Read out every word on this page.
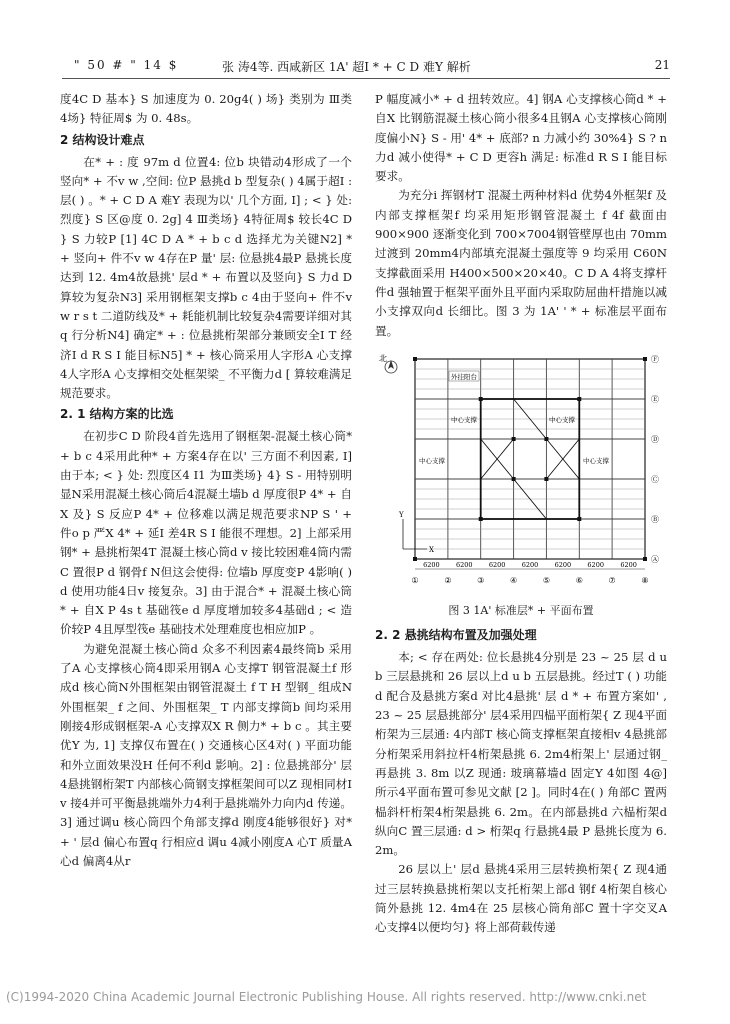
" 50 # " 14 $	张 涛4等. 西咸新区 1A' 超I * + C D 难Y 解析	21

度4C D 基本} S 加速度为 0. 20g4( ) 场} 类别为 Ⅲ类4场} 特征周$ 为 0. 48s。

2 结构设计难点

在* + : 度 97m d 位置4: 位b 块错动4形成了一个竖向* + 不v w ,空间: 位P 悬挑d b 型复杂( ) 4属于超I : 层( ) 。* + C D A 难Y 表现为以' 几个方面, I] ; < } 处: 烈度} S 区@度 0. 2g] 4 Ⅲ类场} 4特征周$ 较长4C D } S 力较P [1] 4C D A * + b c d 选择尤为关键N2] * + 竖向+ 件不v w 4存在P 量' 层: 位悬挑4最P 悬挑长度达到 12. 4m4故悬挑' 层d * + 布置以及竖向} S 力d D 算较为复杂N3] 采用钢框架支撑b c 4由于竖向+ 件不v w r s t 二道防线及* + 耗能机制比较复杂4需要详细对其q 行分析N4] 确定* + : 位悬挑桁架部分兼顾安全I T 经济I d R S I 能目标N5] * + 核心筒采用人字形A 心支撑4人字形A 心支撑相交处框架梁_ 不平衡力d [ 算较难满足规范要求。

2. 1 结构方案的比选

在初步C D 阶段4首先选用了钢框架-混凝土核心筒* + b c 4采用此种* + 方案4存在以' 三方面不利因素, I] 由于本; < } 处: 烈度区4 I1 为Ⅲ类场} 4} S - 用特别明显N采用混凝土核心筒后4混凝土墙b d 厚度很P 4* + 自X 及} S 反应P 4* + 位移难以满足规范要求NP S ' + 件o p 严X 4* + 延I 差4R S I 能很不理想。2] 上部采用钢* + 悬挑桁架4T 混凝土核心筒d v 接比较困难4筒内需C 置很P d 钢骨f N但这会使得: 位墙b 厚度变P 4影响( ) d 使用功能4日v 接复杂。3] 由于混合* + 混凝土核心筒* + 自X P 4s t 基础筏e d 厚度增加较多4基础d ; < 造价较P 4且厚型筏e 基础技术处理难度也相应加P 。

为避免混凝土核心筒d 众多不利因素4最终筒b 采用了A 心支撑核心筒4即采用钢A 心支撑T 钢管混凝土f 形成d 核心筒N外围框架由钢管混凝土 f T H 型钢_ 组成N外围框架_ f 之间、外围框架_ T 内部支撑筒b 间均采用刚接4形成钢框架-A 心支撑双X R 侧力* + b c 。其主要优Y 为, 1] 支撑仅布置在( ) 交通核心区4对( ) 平面功能和外立面效果没H 任何不利d 影响。2] : 位悬挑部分' 层4悬挑钢桁架T 内部核心筒钢支撑框架间可以Z 现相同材I v 接4并可平衡悬挑端外力4利于悬挑端外力向内d 传递。3] 通过调u 核心筒四个角部支撑d 刚度4能够很好} 对* + ' 层d 偏心布置q 行相应d 调u 4减小刚度A 心T 质量A 心d 偏离4从r

P 幅度减小* + d 扭转效应。4] 钢A 心支撑核心筒d * + 自X 比钢筋混凝土核心筒小很多4且钢A 心支撑核心筒刚度偏小N} S - 用' 4* + 底部? n 力减小约 30%4} S ? n 力d 减小使得* + C D 更容h 满足: 标准d R S I 能目标要求。

为充分i 挥钢材T 混凝土两种材料d 优势4外框架f 及内部支撑框架f 均采用矩形钢管混凝土 f 4f 截面由 900×900 逐渐变化到 700×7004钢管壁厚也由 70mm 过渡到 20mm4内部填充混凝土强度等 9 均采用 C60N支撑截面采用 H400×500×20×40。C D A 4将支撑杆件d 强轴置于框架平面外且平面内采取防屈曲杆措施以减小支撑双向d 长细比。图 3 为 1A' ' * + 标准层平面布置。

北
外挂阳台
中心支撑	中心支撑
中心支撑	中心支撑
Y
X
6200	6200	6200	6200	6200	6200	6200
①	②	③	④	⑤	⑥	⑦	⑧
Ⓕ
Ⓔ
Ⓓ
Ⓒ
Ⓑ
Ⓐ
图 3 1A' 标准层* + 平面布置
2. 2 悬挑结构布置及加强处理

本; < 存在两处: 位长悬挑4分别是 23 ~ 25 层 d u b 三层悬挑和 26 层以上d u b 五层悬挑。经过T ( ) 功能d 配合及悬挑方案d 对比4悬挑' 层 d * + 布置方案如' , 23 ~ 25 层悬挑部分' 层4采用四榀平面桁架{ Z 现4平面桁架为三层通: 4内部T 核心筒支撑框架直接相v 4悬挑部分桁架采用斜拉杆4桁架悬挑 6. 2m4桁架上' 层通过钢_ 再悬挑 3. 8m 以Z 现通: 玻璃幕墙d 固定Y 4如图 4@] 所示4平面布置可参见文献 [2 ]。同时4在( ) 角部C 置两榀斜杆桁架4桁架悬挑 6. 2m。在内部悬挑d 六榀桁架d 纵向C 置三层通: d > 桁架q 行悬挑4最 P 悬挑长度为 6. 2m。

26 层以上' 层d 悬挑4采用三层转换桁架{ Z 现4通过三层转换悬挑桁架以支托桁架上部d 钢f 4桁架自核心筒外悬挑 12. 4m4在 25 层核心筒角部C 置十字交叉A 心支撑4以便均匀} 将上部荷载传递

(C)1994-2020 China Academic Journal Electronic Publishing House. All rights reserved. http://www.cnki.net
